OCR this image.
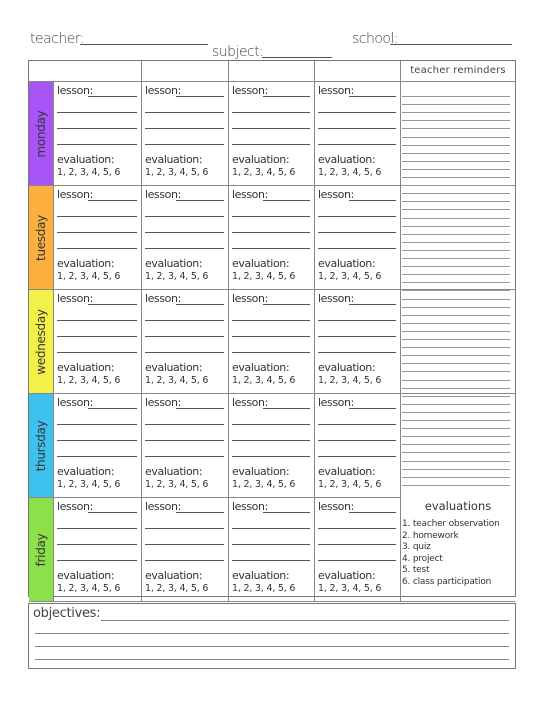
teacher:	school:
subject:
monday
tuesday
wednesday
thursday
friday
lesson:
evaluation:
1, 2, 3, 4, 5, 6
lesson:
evaluation:
1, 2, 3, 4, 5, 6
lesson:
evaluation:
1, 2, 3, 4, 5, 6
lesson:
evaluation:
1, 2, 3, 4, 5, 6
lesson:
evaluation:
1, 2, 3, 4, 5, 6
lesson:
evaluation:
1, 2, 3, 4, 5, 6
lesson:
evaluation:
1, 2, 3, 4, 5, 6
lesson:
evaluation:
1, 2, 3, 4, 5, 6
lesson:
evaluation:
1, 2, 3, 4, 5, 6
lesson:
evaluation:
1, 2, 3, 4, 5, 6
lesson:
evaluation:
1, 2, 3, 4, 5, 6
lesson:
evaluation:
1, 2, 3, 4, 5, 6
lesson:
evaluation:
1, 2, 3, 4, 5, 6
lesson:
evaluation:
1, 2, 3, 4, 5, 6
lesson:
evaluation:
1, 2, 3, 4, 5, 6
lesson:
evaluation:
1, 2, 3, 4, 5, 6
lesson:
evaluation:
1, 2, 3, 4, 5, 6
lesson:
evaluation:
1, 2, 3, 4, 5, 6
lesson:
evaluation:
1, 2, 3, 4, 5, 6
lesson:
evaluation:
1, 2, 3, 4, 5, 6
teacher reminders
evaluations
1. teacher observation
2. homework
3. quiz
4. project
5. test
6. class participation
objectives:
